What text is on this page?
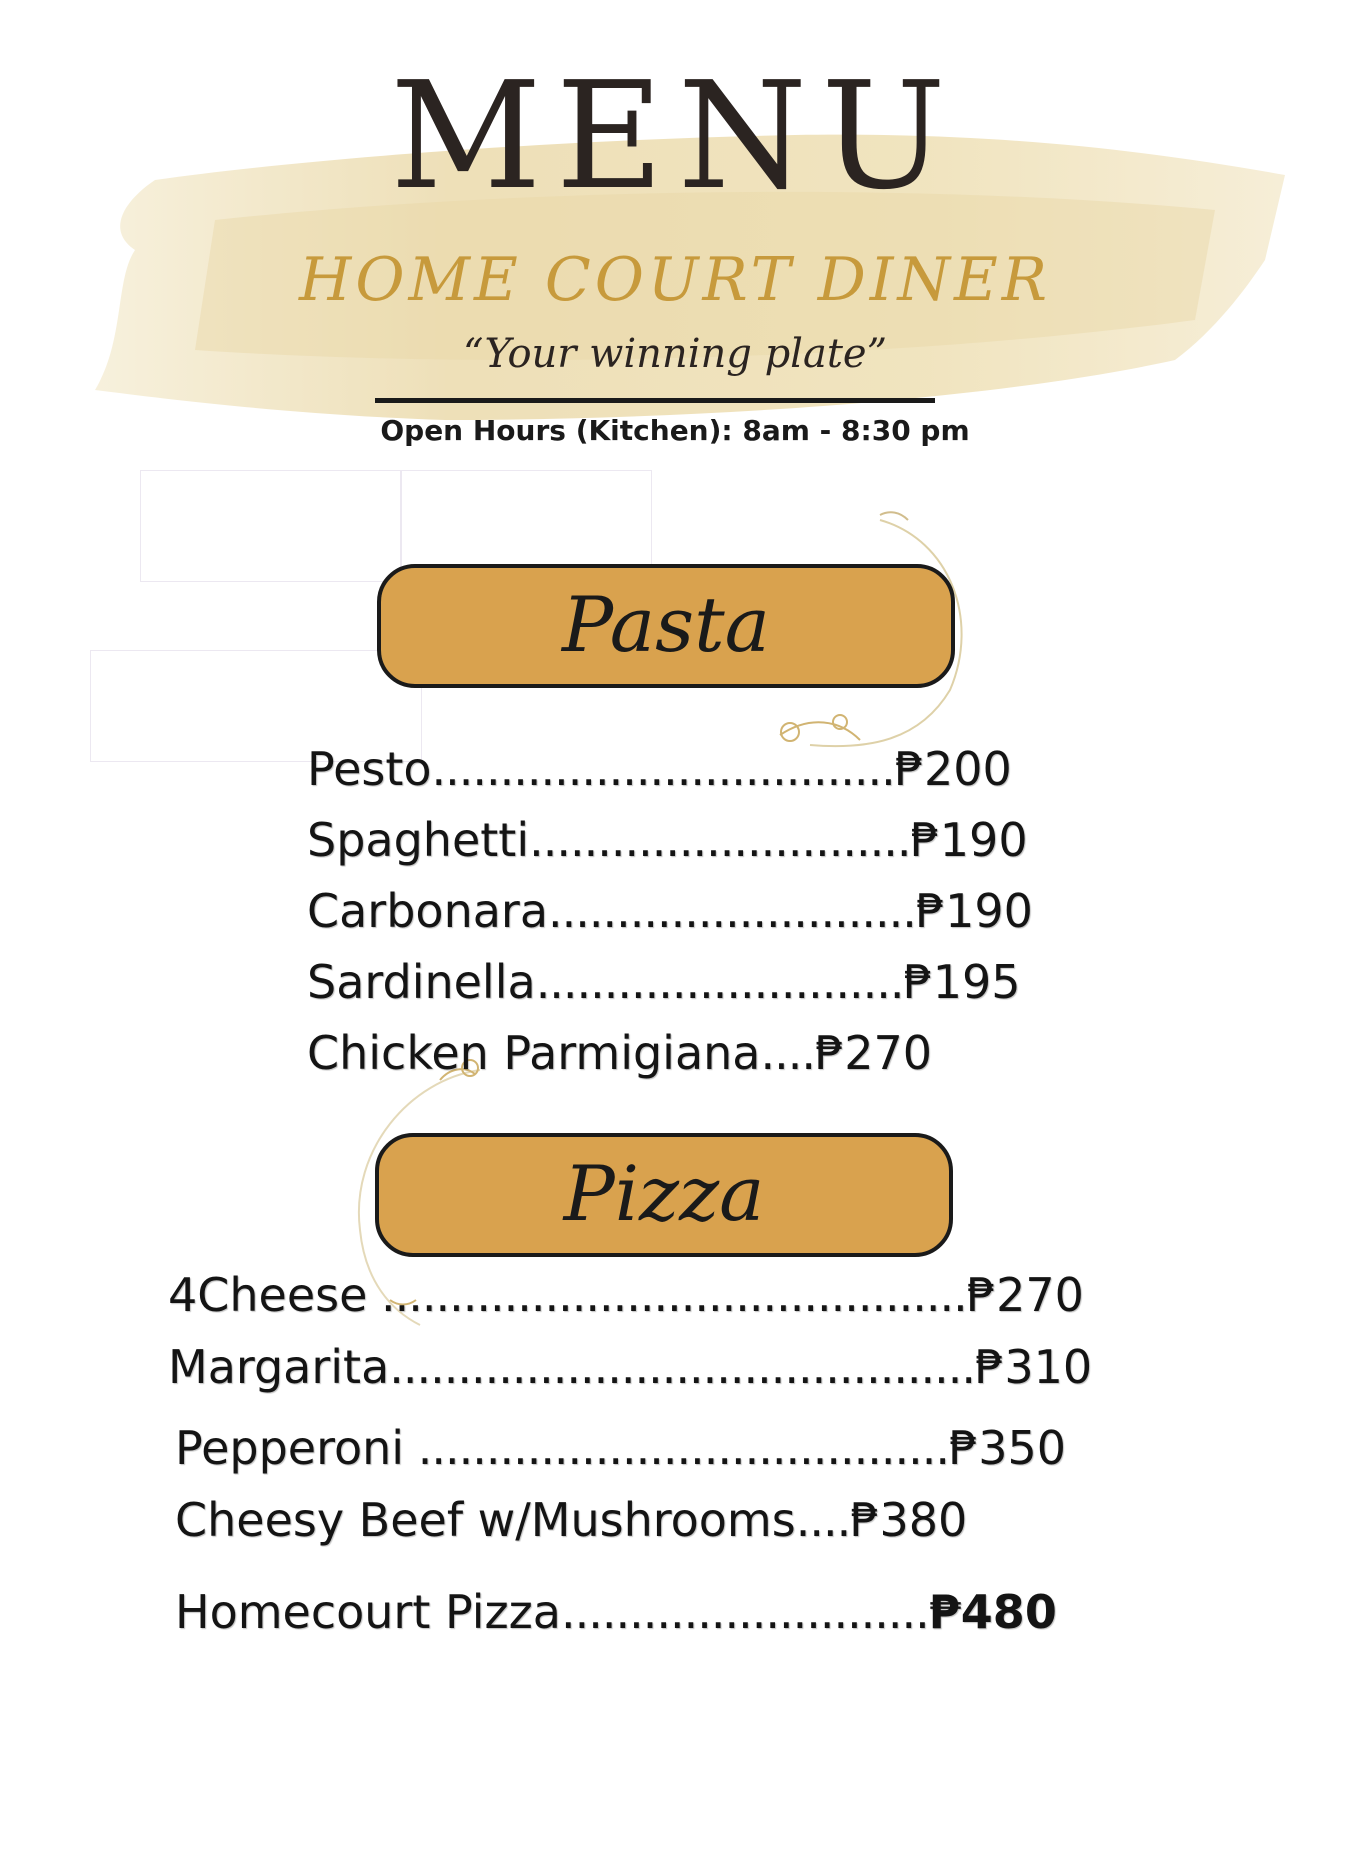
MENU
HOME COURT DINER
“Your winning plate”
Open Hours (Kitchen): 8am - 8:30 pm
Pasta
Pesto..................................₱200
Spaghetti............................₱190
Carbonara...........................₱190
Sardinella...........................₱195
Chicken Parmigiana....₱270
Pizza
4Cheese ...........................................₱270
Margarita...........................................₱310
Pepperoni .......................................₱350
Cheesy Beef w/Mushrooms....₱380
Homecourt Pizza...........................₱480
